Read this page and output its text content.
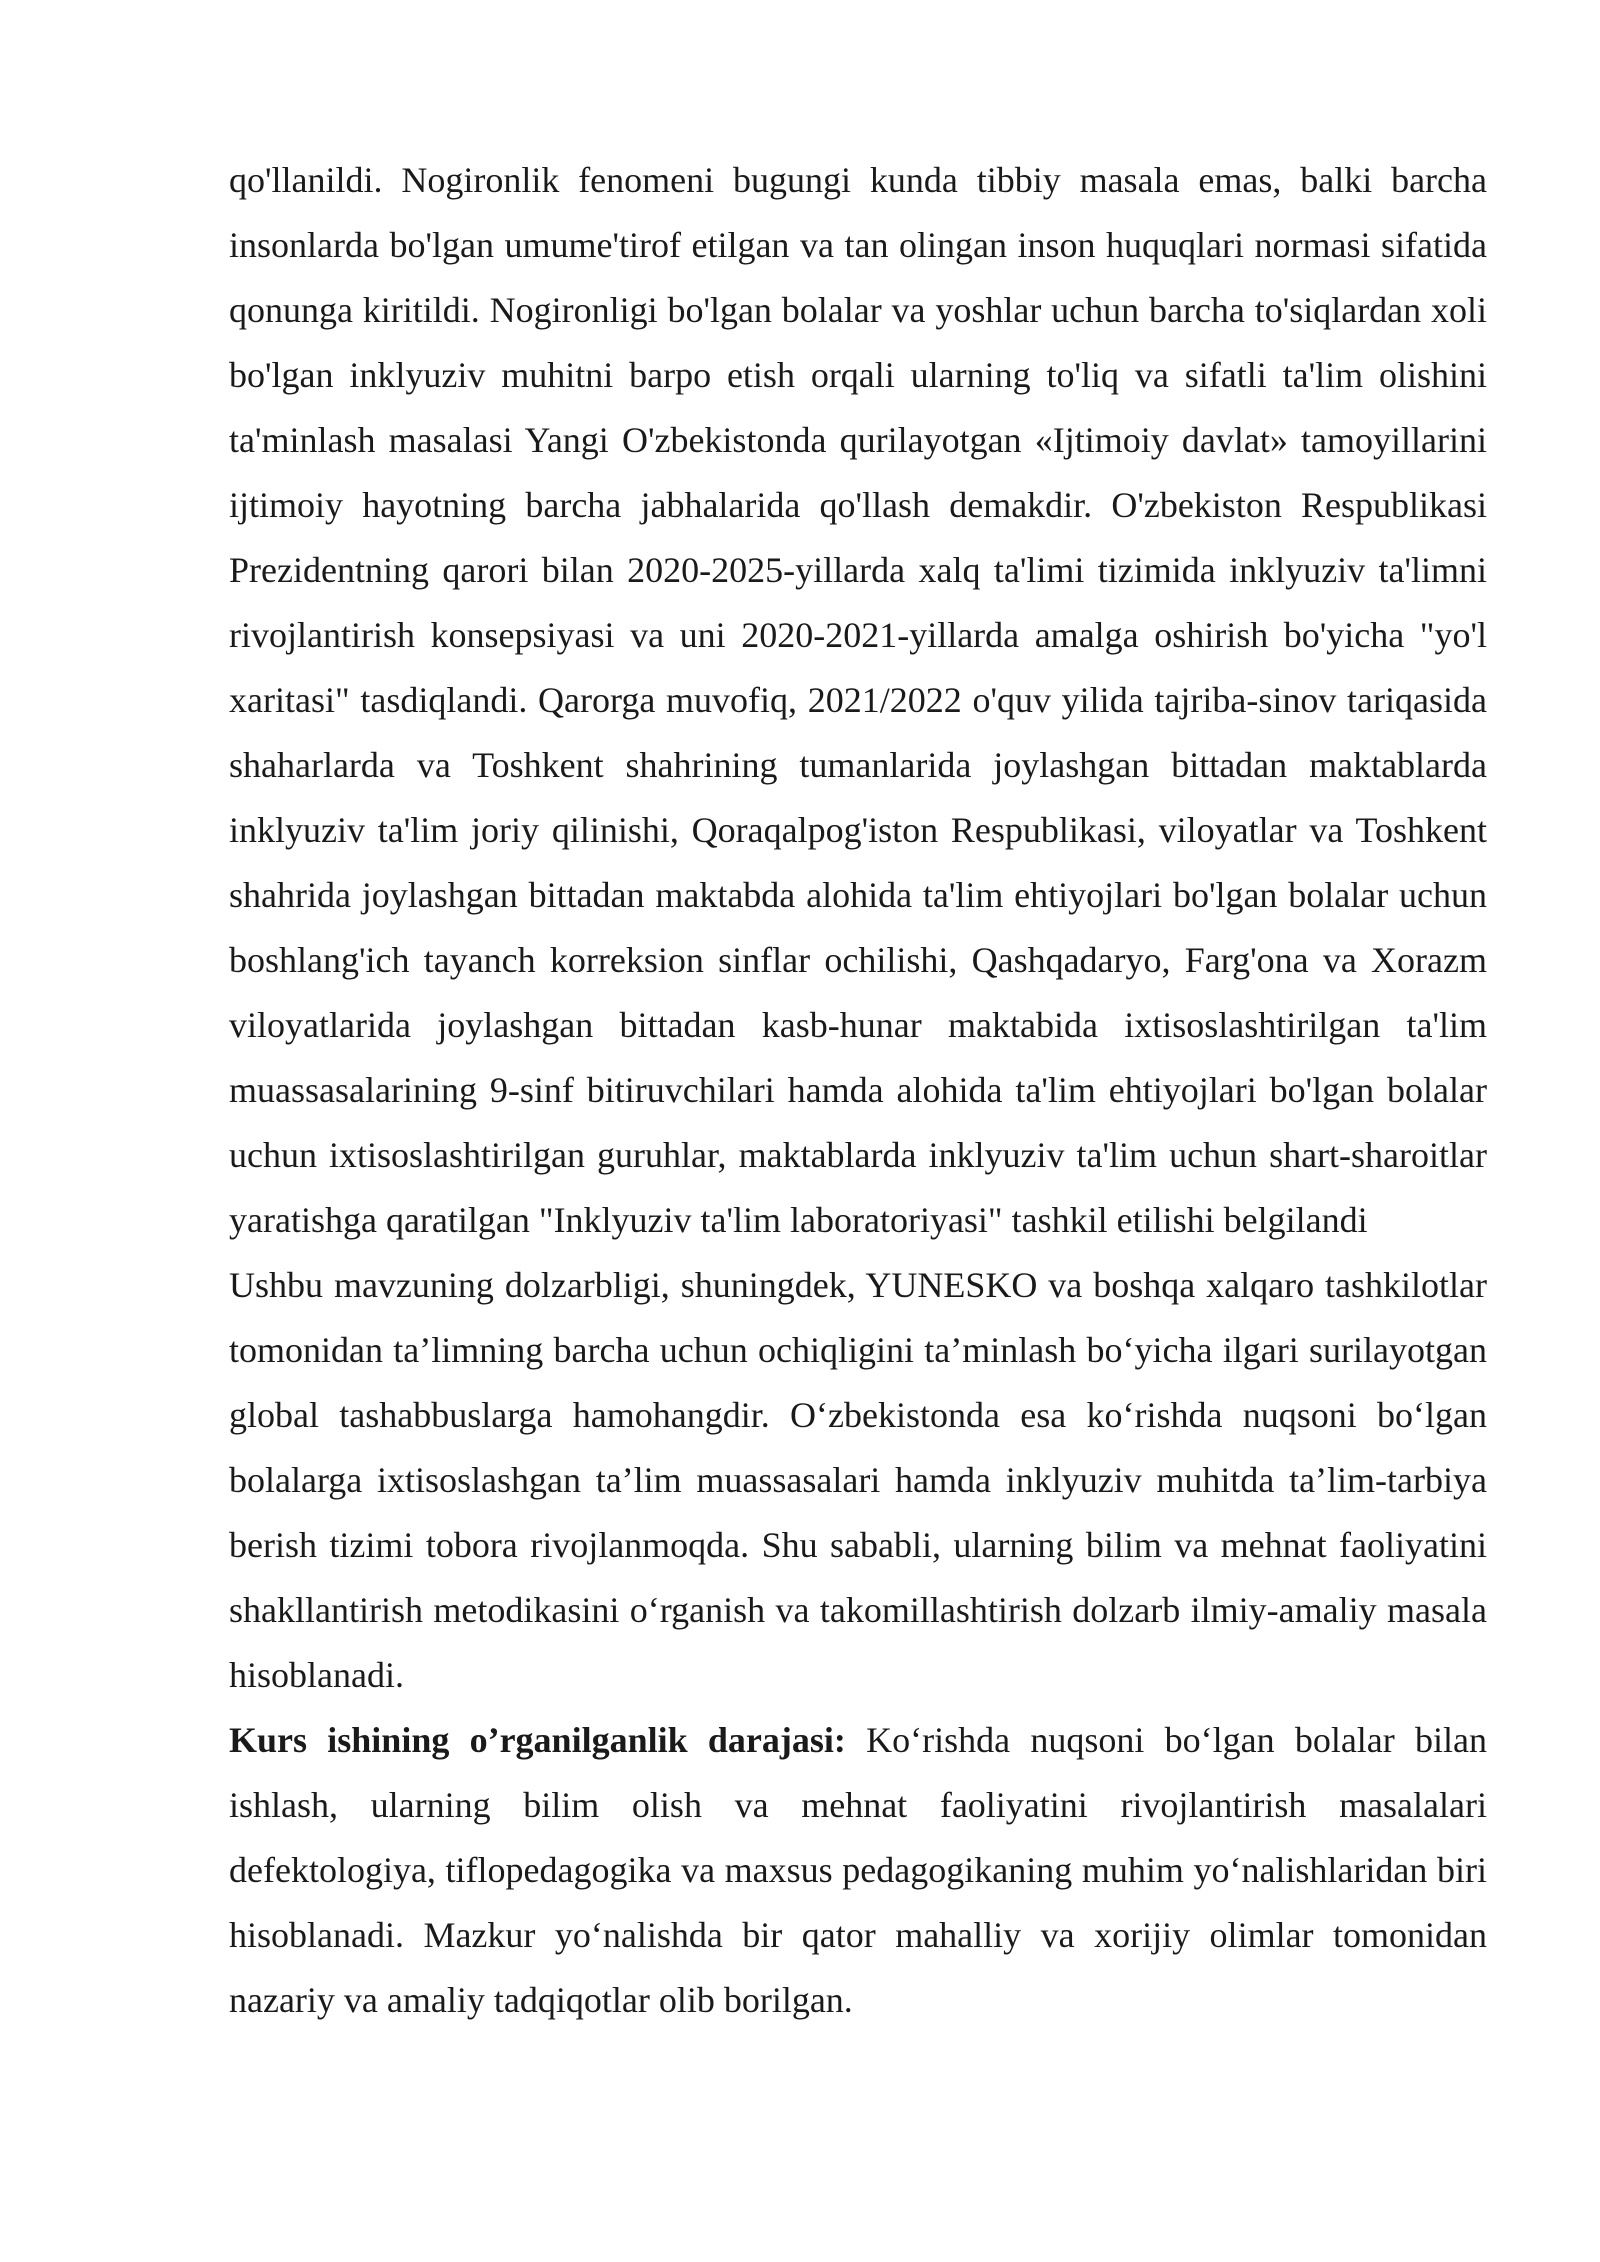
qo'llanildi. Nogironlik fenomeni bugungi kunda tibbiy masala emas, balki barcha insonlarda bo'lgan umume'tirof etilgan va tan olingan inson huquqlari normasi sifatida qonunga kiritildi. Nogironligi bo'lgan bolalar va yoshlar uchun barcha to'siqlardan xoli bo'lgan inklyuziv muhitni barpo etish orqali ularning to'liq va sifatli ta'lim olishini ta'minlash masalasi Yangi O'zbekistonda qurilayotgan «Ijtimoiy davlat» tamoyillarini ijtimoiy hayotning barcha jabhalarida qo'llash demakdir. O'zbekiston Respublikasi Prezidentning qarori bilan 2020-2025-yillarda xalq ta'limi tizimida inklyuziv ta'limni rivojlantirish konsepsiyasi va uni 2020-2021-yillarda amalga oshirish bo'yicha "yo'l xaritasi" tasdiqlandi. Qarorga muvofiq, 2021/2022 o'quv yilida tajriba-sinov tariqasida shaharlarda va Toshkent shahrining tumanlarida joylashgan bittadan maktablarda inklyuziv ta'lim joriy qilinishi, Qoraqalpog'iston Respublikasi, viloyatlar va Toshkent shahrida joylashgan bittadan maktabda alohida ta'lim ehtiyojlari bo'lgan bolalar uchun boshlang'ich tayanch korreksion sinflar ochilishi, Qashqadaryo, Farg'ona va Xorazm viloyatlarida joylashgan bittadan kasb-hunar maktabida ixtisoslashtirilgan ta'lim muassasalarining 9-sinf bitiruvchilari hamda alohida ta'lim ehtiyojlari bo'lgan bolalar uchun ixtisoslashtirilgan guruhlar, maktablarda inklyuziv ta'lim uchun shart-sharoitlar yaratishga qaratilgan "Inklyuziv ta'lim laboratoriyasi" tashkil etilishi belgilandi

Ushbu mavzuning dolzarbligi, shuningdek, YUNESKO va boshqa xalqaro tashkilotlar tomonidan ta’limning barcha uchun ochiqligini ta’minlash bo‘yicha ilgari surilayotgan global tashabbuslarga hamohangdir. O‘zbekistonda esa ko‘rishda nuqsoni bo‘lgan bolalarga ixtisoslashgan ta’lim muassasalari hamda inklyuziv muhitda ta’lim-tarbiya berish tizimi tobora rivojlanmoqda. Shu sababli, ularning bilim va mehnat faoliyatini shakllantirish metodikasini o‘rganish va takomillashtirish dolzarb ilmiy-amaliy masala hisoblanadi.

Kurs ishining o’rganilganlik darajasi: Ko‘rishda nuqsoni bo‘lgan bolalar bilan ishlash, ularning bilim olish va mehnat faoliyatini rivojlantirish masalalari defektologiya, tiflopedagogika va maxsus pedagogikaning muhim yo‘nalishlaridan biri hisoblanadi. Mazkur yo‘nalishda bir qator mahalliy va xorijiy olimlar tomonidan nazariy va amaliy tadqiqotlar olib borilgan.
